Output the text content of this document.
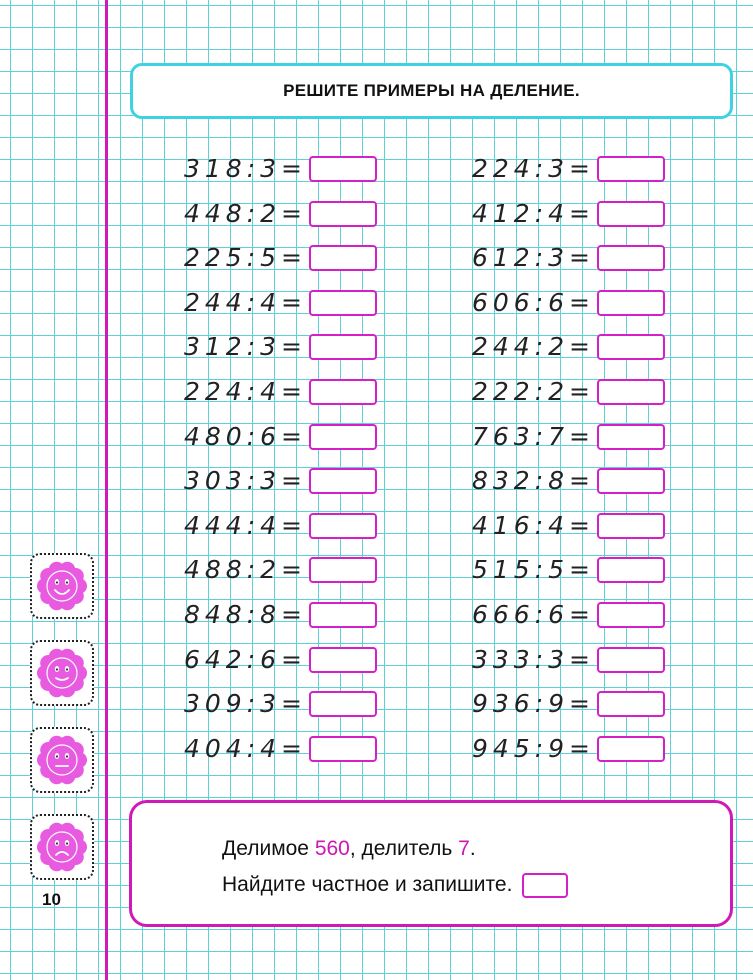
РЕШИТЕ ПРИМЕРЫ НА ДЕЛЕНИЕ.
318:3=
448:2=
225:5=
244:4=
312:3=
224:4=
480:6=
303:3=
444:4=
488:2=
848:8=
642:6=
309:3=
404:4=
224:3=
412:4=
612:3=
606:6=
244:2=
222:2=
763:7=
832:8=
416:4=
515:5=
666:6=
333:3=
936:9=
945:9=
10
Делимое 560, делитель 7.
Найдите частное и запишите.
